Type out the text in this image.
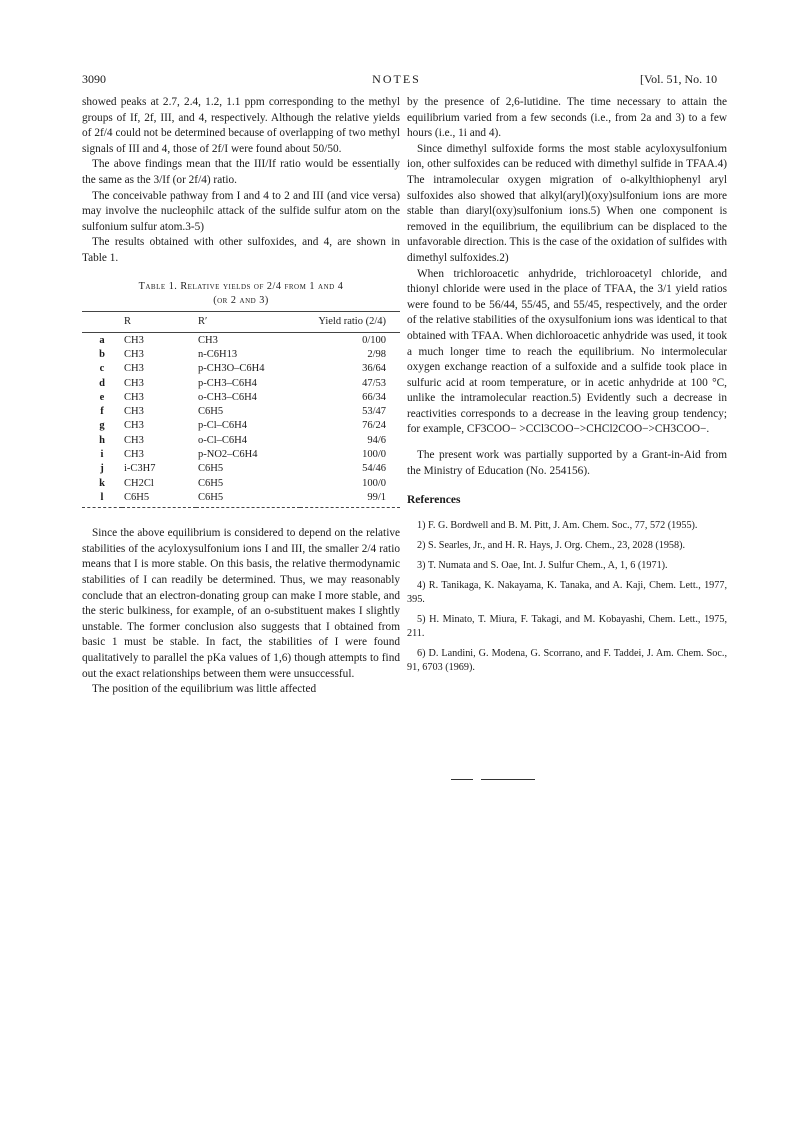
3090	NOTES	[Vol. 51, No. 10

showed peaks at 2.7, 2.4, 1.2, 1.1 ppm corresponding to the methyl groups of If, 2f, III, and 4, respectively. Although the relative yields of 2f/4 could not be determined because of overlapping of two methyl signals of III and 4, those of 2f/I were found about 50/50.

The above findings mean that the III/If ratio would be essentially the same as the 3/If (or 2f/4) ratio.

The conceivable pathway from I and 4 to 2 and III (and vice versa) may involve the nucleophilc attack of the sulfide sulfur atom on the sulfonium sulfur atom.3-5)

The results obtained with other sulfoxides, and 4, are shown in Table 1.

Table 1. Relative yields of 2/4 from 1 and 4
(or 2 and 3)
	R	R′	Yield ratio (2/4)
a	CH3	CH3	0/100
b	CH3	n-C6H13	2/98
c	CH3	p-CH3O–C6H4	36/64
d	CH3	p-CH3–C6H4	47/53
e	CH3	o-CH3–C6H4	66/34
f	CH3	C6H5	53/47
g	CH3	p-Cl–C6H4	76/24
h	CH3	o-Cl–C6H4	94/6
i	CH3	p-NO2–C6H4	100/0
j	i-C3H7	C6H5	54/46
k	CH2Cl	C6H5	100/0
l	C6H5	C6H5	99/1

Since the above equilibrium is considered to depend on the relative stabilities of the acyloxysulfonium ions I and III, the smaller 2/4 ratio means that I is more stable. On this basis, the relative thermodynamic stabilities of I can readily be determined. Thus, we may reasonably conclude that an electron-donating group can make I more stable, and the steric bulkiness, for example, of an o-substituent makes I slightly unstable. The former conclusion also suggests that I obtained from basic 1 must be stable. In fact, the stabilities of I were found qualitatively to parallel the pKa values of 1,6) though attempts to find out the exact relationships between them were unsuccessful.

The position of the equilibrium was little affected

by the presence of 2,6-lutidine. The time necessary to attain the equilibrium varied from a few seconds (i.e., from 2a and 3) to a few hours (i.e., 1i and 4).

Since dimethyl sulfoxide forms the most stable acyloxysulfonium ion, other sulfoxides can be reduced with dimethyl sulfide in TFAA.4) The intramolecular oxygen migration of o-alkylthiophenyl aryl sulfoxides also showed that alkyl(aryl)(oxy)sulfonium ions are more stable than diaryl(oxy)sulfonium ions.5) When one component is removed in the equilibrium, the equilibrium can be displaced to the unfavorable direction. This is the case of the oxidation of sulfides with dimethyl sulfoxides.2)

When trichloroacetic anhydride, trichloroacetyl chloride, and thionyl chloride were used in the place of TFAA, the 3/1 yield ratios were found to be 56/44, 55/45, and 55/45, respectively, and the order of the relative stabilities of the oxysulfonium ions was identical to that obtained with TFAA. When dichloroacetic anhydride was used, it took a much longer time to reach the equilibrium. No intermolecular oxygen exchange reaction of a sulfoxide and a sulfide took place in sulfuric acid at room temperature, or in acetic anhydride at 100 °C, unlike the intramolecular reaction.5) Evidently such a decrease in reactivities corresponds to a decrease in the leaving group tendency; for example, CF3COO− >CCl3COO−>CHCl2COO−>CH3COO−.

The present work was partially supported by a Grant-in-Aid from the Ministry of Education (No. 254156).

References
1) F. G. Bordwell and B. M. Pitt, J. Am. Chem. Soc., 77, 572 (1955).
2) S. Searles, Jr., and H. R. Hays, J. Org. Chem., 23, 2028 (1958).
3) T. Numata and S. Oae, Int. J. Sulfur Chem., A, 1, 6 (1971).
4) R. Tanikaga, K. Nakayama, K. Tanaka, and A. Kaji, Chem. Lett., 1977, 395.
5) H. Minato, T. Miura, F. Takagi, and M. Kobayashi, Chem. Lett., 1975, 211.
6) D. Landini, G. Modena, G. Scorrano, and F. Taddei, J. Am. Chem. Soc., 91, 6703 (1969).
